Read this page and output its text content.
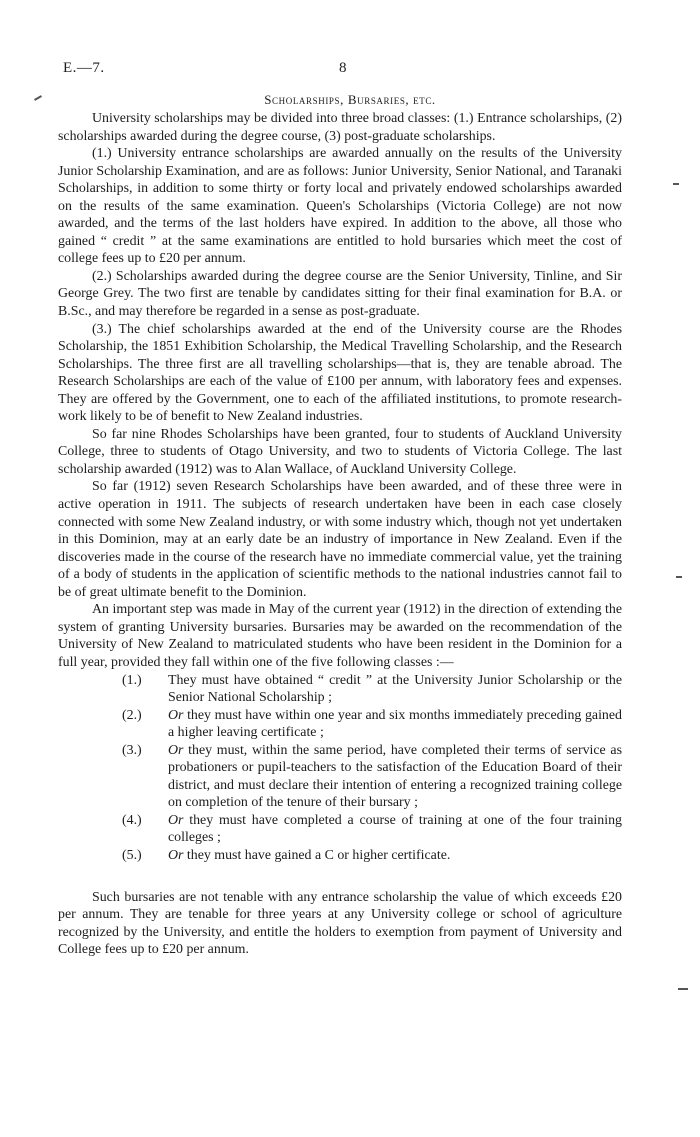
E.—7.	8
Scholarships, Bursaries, etc.

University scholarships may be divided into three broad classes: (1.) Entrance scholarships, (2) scholarships awarded during the degree course, (3) post-graduate scholarships.

(1.) University entrance scholarships are awarded annually on the results of the University Junior Scholarship Examination, and are as follows: Junior University, Senior National, and Taranaki Scholarships, in addition to some thirty or forty local and privately endowed scholarships awarded on the results of the same examination. Queen's Scholarships (Victoria College) are not now awarded, and the terms of the last holders have expired. In addition to the above, all those who gained “ credit ” at the same examinations are entitled to hold bursaries which meet the cost of college fees up to £20 per annum.

(2.) Scholarships awarded during the degree course are the Senior University, Tinline, and Sir George Grey. The two first are tenable by candidates sitting for their final examination for B.A. or B.Sc., and may therefore be regarded in a sense as post-graduate.

(3.) The chief scholarships awarded at the end of the University course are the Rhodes Scholarship, the 1851 Exhibition Scholarship, the Medical Travelling Scholarship, and the Research Scholarships. The three first are all travelling scholarships—that is, they are tenable abroad. The Research Scholarships are each of the value of £100 per annum, with laboratory fees and expenses. They are offered by the Government, one to each of the affiliated institutions, to promote research-work likely to be of benefit to New Zealand industries.

So far nine Rhodes Scholarships have been granted, four to students of Auckland University College, three to students of Otago University, and two to students of Victoria College. The last scholarship awarded (1912) was to Alan Wallace, of Auckland University College.

So far (1912) seven Research Scholarships have been awarded, and of these three were in active operation in 1911. The subjects of research undertaken have been in each case closely connected with some New Zealand industry, or with some industry which, though not yet undertaken in this Dominion, may at an early date be an industry of importance in New Zealand. Even if the discoveries made in the course of the research have no immediate commercial value, yet the training of a body of students in the application of scientific methods to the national industries cannot fail to be of great ultimate benefit to the Dominion.

An important step was made in May of the current year (1912) in the direction of extending the system of granting University bursaries. Bursaries may be awarded on the recommendation of the University of New Zealand to matriculated students who have been resident in the Dominion for a full year, provided they fall within one of the five following classes :—

(1.) They must have obtained “ credit ” at the University Junior Scholarship or the Senior National Scholarship ;
(2.) Or they must have within one year and six months immediately preceding gained a higher leaving certificate ;
(3.) Or they must, within the same period, have completed their terms of service as probationers or pupil-teachers to the satisfaction of the Education Board of their district, and must declare their intention of entering a recognized training college on completion of the tenure of their bursary ;
(4.) Or they must have completed a course of training at one of the four training colleges ;
(5.) Or they must have gained a C or higher certificate.

Such bursaries are not tenable with any entrance scholarship the value of which exceeds £20 per annum. They are tenable for three years at any University college or school of agriculture recognized by the University, and entitle the holders to exemption from payment of University and College fees up to £20 per annum.
